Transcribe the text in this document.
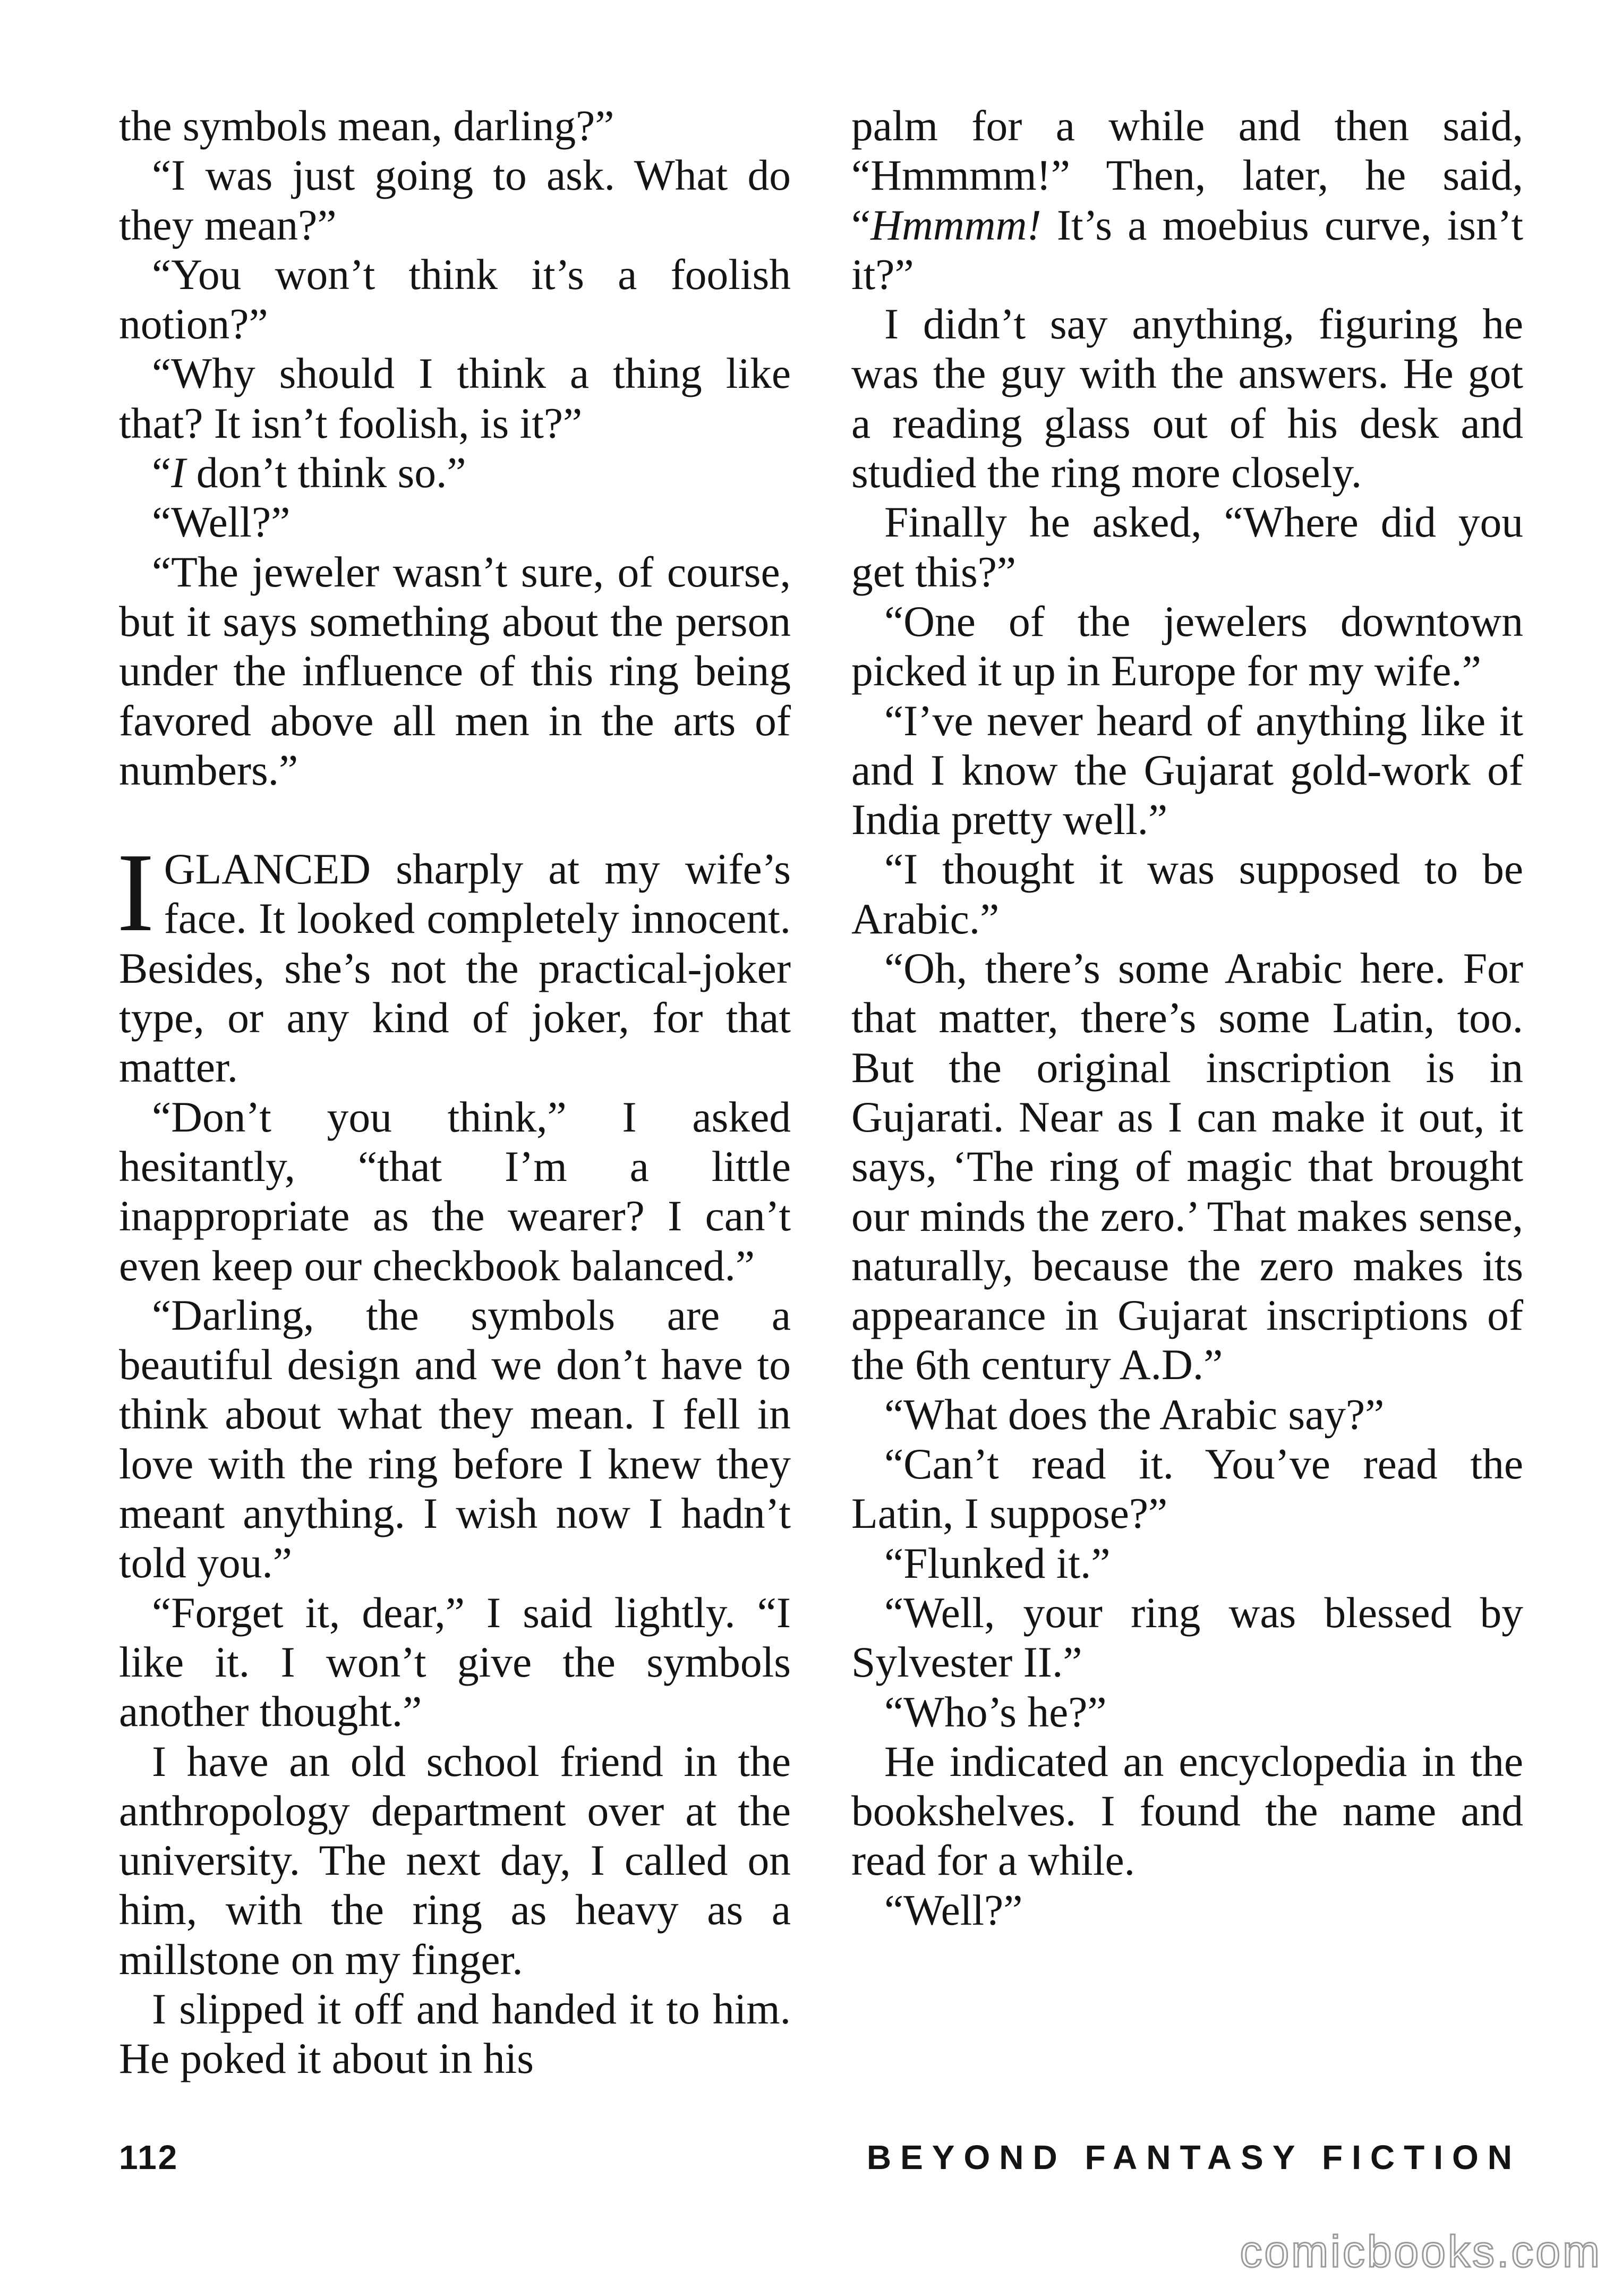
the symbols mean, darling?”

“I was just going to ask. What do they mean?”

“You won’t think it’s a foolish notion?”

“Why should I think a thing like that? It isn’t foolish, is it?”

“I don’t think so.”

“Well?”

“The jeweler wasn’t sure, of course, but it says something about the person under the influence of this ring being favored above all men in the arts of numbers.”

IGLANCED sharply at my wife’s face. It looked completely innocent. Besides, she’s not the practical-joker type, or any kind of joker, for that matter.

“Don’t you think,” I asked hesitantly, “that I’m a little inappropriate as the wearer? I can’t even keep our checkbook balanced.”

“Darling, the symbols are a beautiful design and we don’t have to think about what they mean. I fell in love with the ring before I knew they meant anything. I wish now I hadn’t told you.”

“Forget it, dear,” I said lightly. “I like it. I won’t give the symbols another thought.”

I have an old school friend in the anthropology department over at the university. The next day, I called on him, with the ring as heavy as a millstone on my finger.

I slipped it off and handed it to him. He poked it about in his

palm for a while and then said, “Hmmmm!” Then, later, he said, “Hmmmm! It’s a moebius curve, isn’t it?”

I didn’t say anything, figuring he was the guy with the answers. He got a reading glass out of his desk and studied the ring more closely.

Finally he asked, “Where did you get this?”

“One of the jewelers downtown picked it up in Europe for my wife.”

“I’ve never heard of anything like it and I know the Gujarat gold-work of India pretty well.”

“I thought it was supposed to be Arabic.”

“Oh, there’s some Arabic here. For that matter, there’s some Latin, too. But the original inscription is in Gujarati. Near as I can make it out, it says, ‘The ring of magic that brought our minds the zero.’ That makes sense, naturally, because the zero makes its appearance in Gujarat inscriptions of the 6th century A.D.”

“What does the Arabic say?”

“Can’t read it. You’ve read the Latin, I suppose?”

“Flunked it.”

“Well, your ring was blessed by Sylvester II.”

“Who’s he?”

He indicated an encyclopedia in the bookshelves. I found the name and read for a while.

“Well?”

112	BEYOND FANTASY FICTION
comicbooks.com
